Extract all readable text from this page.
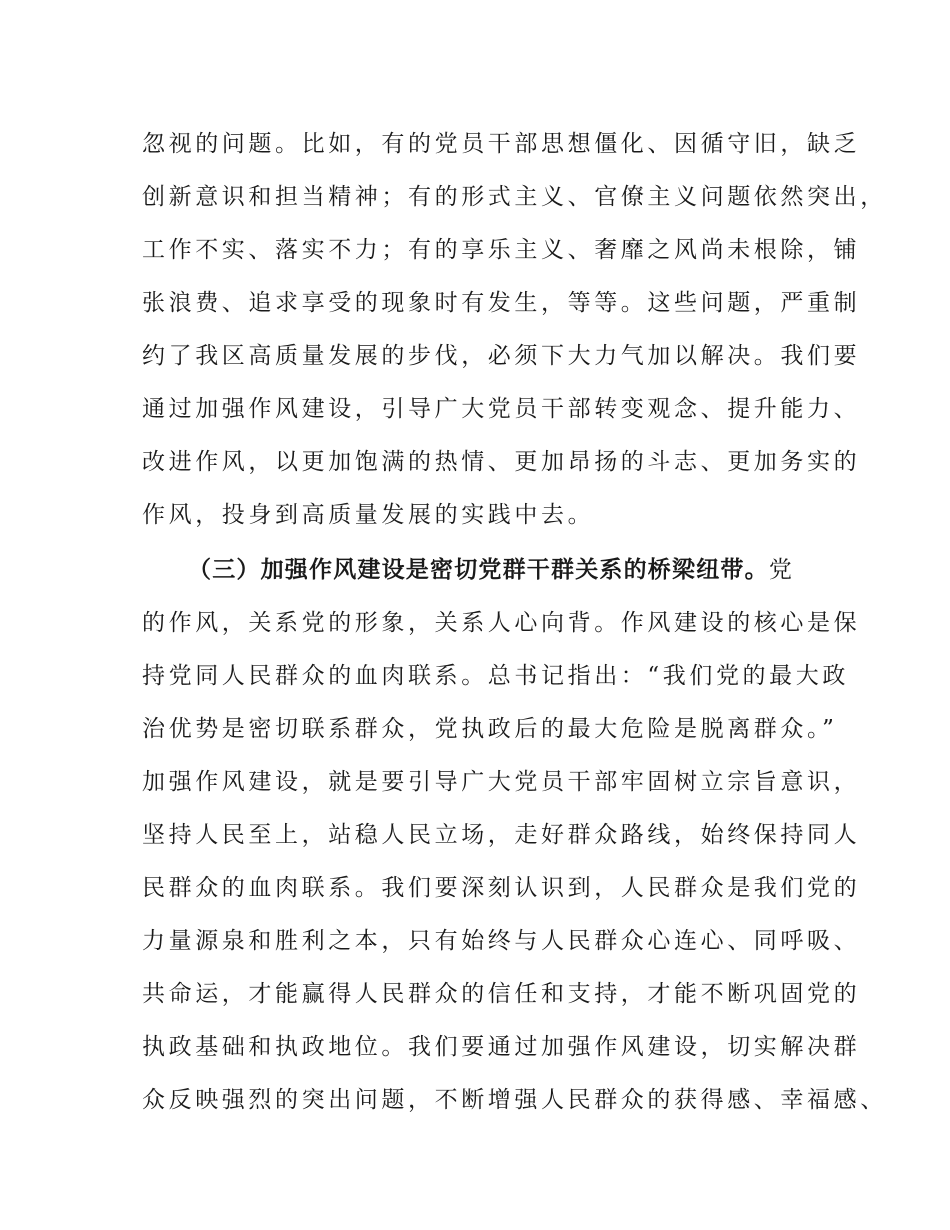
忽视的问题。比如，有的党员干部思想僵化、因循守旧，缺乏
创新意识和担当精神；有的形式主义、官僚主义问题依然突出，
工作不实、落实不力；有的享乐主义、奢靡之风尚未根除，铺
张浪费、追求享受的现象时有发生，等等。这些问题，严重制
约了我区高质量发展的步伐，必须下大力气加以解决。我们要
通过加强作风建设，引导广大党员干部转变观念、提升能力、
改进作风，以更加饱满的热情、更加昂扬的斗志、更加务实的
作风，投身到高质量发展的实践中去。
（三）加强作风建设是密切党群干群关系的桥梁纽带。党
的作风，关系党的形象，关系人心向背。作风建设的核心是保
持党同人民群众的血肉联系。总书记指出：“我们党的最大政
治优势是密切联系群众，党执政后的最大危险是脱离群众。”
加强作风建设，就是要引导广大党员干部牢固树立宗旨意识，
坚持人民至上，站稳人民立场，走好群众路线，始终保持同人
民群众的血肉联系。我们要深刻认识到，人民群众是我们党的
力量源泉和胜利之本，只有始终与人民群众心连心、同呼吸、
共命运，才能赢得人民群众的信任和支持，才能不断巩固党的
执政基础和执政地位。我们要通过加强作风建设，切实解决群
众反映强烈的突出问题，不断增强人民群众的获得感、幸福感、
